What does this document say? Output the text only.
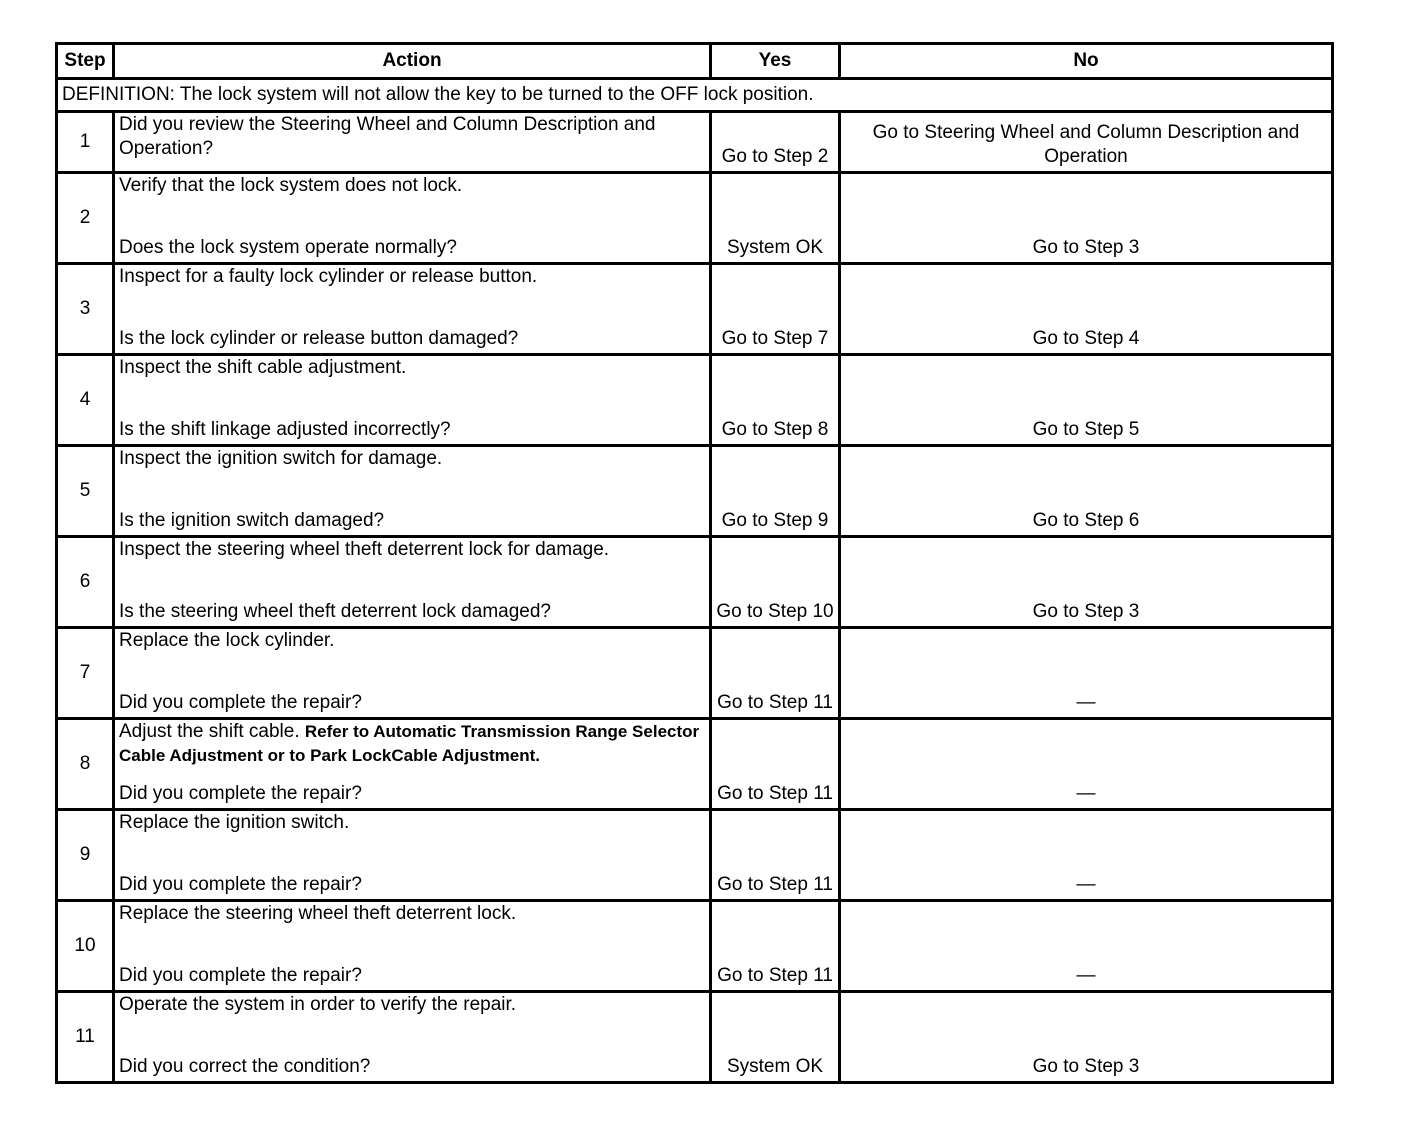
Step	Action	Yes	No
DEFINITION: The lock system will not allow the key to be turned to the OFF lock position.			
1	Did you review the Steering Wheel and Column Description and Operation?	Go to Step 2	Go to Steering Wheel and Column Description and Operation
2	Verify that the lock system does not lock.
Does the lock system operate normally?	System OK	Go to Step 3
3	Inspect for a faulty lock cylinder or release button.
Is the lock cylinder or release button damaged?	Go to Step 7	Go to Step 4
4	Inspect the shift cable adjustment.
Is the shift linkage adjusted incorrectly?	Go to Step 8	Go to Step 5
5	Inspect the ignition switch for damage.
Is the ignition switch damaged?	Go to Step 9	Go to Step 6
6	Inspect the steering wheel theft deterrent lock for damage.
Is the steering wheel theft deterrent lock damaged?	Go to Step 10	Go to Step 3
7	Replace the lock cylinder.
Did you complete the repair?	Go to Step 11	—
8	Adjust the shift cable. Refer to Automatic Transmission Range Selector Cable Adjustment or to Park LockCable Adjustment.
Did you complete the repair?	Go to Step 11	—
9	Replace the ignition switch.
Did you complete the repair?	Go to Step 11	—
10	Replace the steering wheel theft deterrent lock.
Did you complete the repair?	Go to Step 11	—
11	Operate the system in order to verify the repair.
Did you correct the condition?	System OK	Go to Step 3
